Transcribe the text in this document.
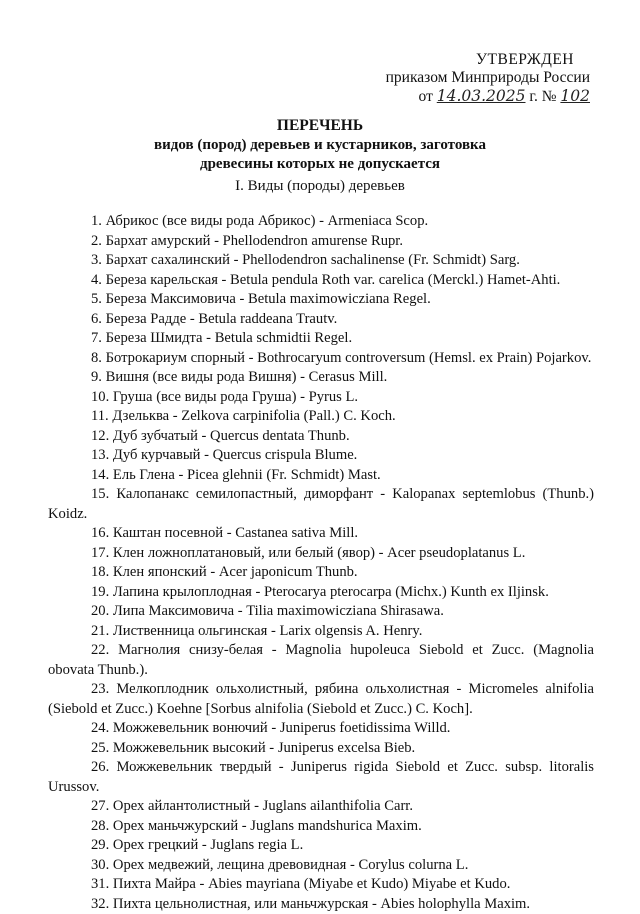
УТВЕРЖДЕН
приказом Минприроды России
от 14.03.2025 г. № 102
ПЕРЕЧЕНЬ
видов (пород) деревьев и кустарников, заготовка
древесины которых не допускается
I. Виды (породы) деревьев

1. Абрикос (все виды рода Абрикос) - Armeniaca Scop.

2. Бархат амурский - Phellodendron amurense Rupr.

3. Бархат сахалинский - Phellodendron sachalinense (Fr. Schmidt) Sarg.

4. Береза карельская - Betula pendula Roth var. carelica (Merckl.) Hamet-Ahti.

5. Береза Максимовича - Betula maximowicziana Regel.

6. Береза Радде - Betula raddeana Trautv.

7. Береза Шмидта - Betula schmidtii Regel.

8. Ботрокариум спорный - Bothrocaryum controversum (Hemsl. ex Prain) Pojarkov.

9. Вишня (все виды рода Вишня) - Cerasus Mill.

10. Груша (все виды рода Груша) - Pyrus L.

11. Дзельква - Zelkova carpinifolia (Pall.) C. Koch.

12. Дуб зубчатый - Quercus dentata Thunb.

13. Дуб курчавый - Quercus crispula Blume.

14. Ель Глена - Picea glehnii (Fr. Schmidt) Mast.

15. Калопанакс семилопастный, диморфант - Kalopanax septemlobus (Thunb.) Koidz.

16. Каштан посевной - Castanea sativa Mill.

17. Клен ложноплатановый, или белый (явор) - Acer pseudoplatanus L.

18. Клен японский - Acer japonicum Thunb.

19. Лапина крылоплодная - Pterocarya pterocarpa (Michx.) Kunth ex Iljinsk.

20. Липа Максимовича - Tilia maximowicziana Shirasawa.

21. Лиственница ольгинская - Larix olgensis A. Henry.

22. Магнолия снизу-белая - Magnolia hupoleuca Siebold et Zucc. (Magnolia obovata Thunb.).

23. Мелкоплодник ольхолистный, рябина ольхолистная - Micromeles alnifolia (Siebold et Zucc.) Koehne [Sorbus alnifolia (Siebold et Zucc.) C. Koch].

24. Можжевельник вонючий - Juniperus foetidissima Willd.

25. Можжевельник высокий - Juniperus excelsa Bieb.

26. Можжевельник твердый - Juniperus rigida Siebold et Zucc. subsp. litoralis Urussov.

27. Орех айлантолистный - Juglans ailanthifolia Carr.

28. Орех маньчжурский - Juglans mandshurica Maxim.

29. Орех грецкий - Juglans regia L.

30. Орех медвежий, лещина древовидная - Corylus colurna L.

31. Пихта Майра - Abies mayriana (Miyabe et Kudo) Miyabe et Kudo.

32. Пихта цельнолистная, или маньчжурская - Abies holophylla Maxim.
